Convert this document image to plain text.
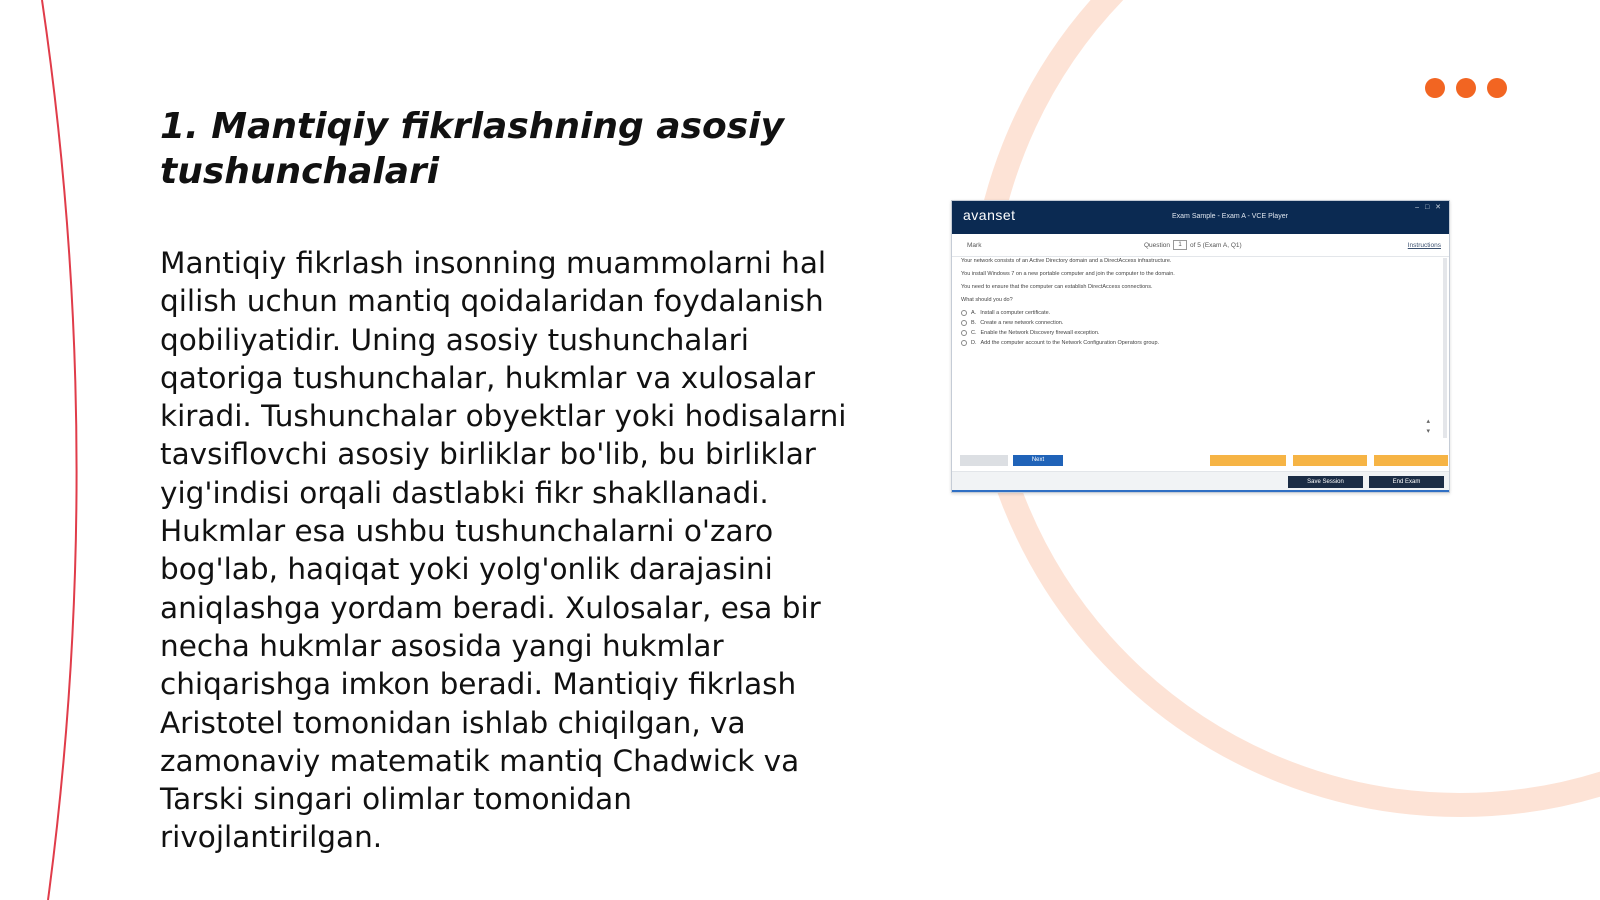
1. Mantiqiy fikrlashning asosiy tushunchalari

Mantiqiy fikrlash insonning muammolarni hal qilish uchun mantiq qoidalaridan foydalanish qobiliyatidir. Uning asosiy tushunchalari qatoriga tushunchalar, hukmlar va xulosalar kiradi. Tushunchalar obyektlar yoki hodisalarni tavsiflovchi asosiy birliklar bo'lib, bu birliklar yig'indisi orqali dastlabki fikr shakllanadi. Hukmlar esa ushbu tushunchalarni o'zaro bog'lab, haqiqat yoki yolg'onlik darajasini aniqlashga yordam beradi. Xulosalar, esa bir necha hukmlar asosida yangi hukmlar chiqarishga imkon beradi. Mantiqiy fikrlash Aristotel tomonidan ishlab chiqilgan, va zamonaviy matematik mantiq Chadwick va Tarski singari olimlar tomonidan rivojlantirilgan.

avanset	Exam Sample - Exam A - VCE Player
– □ ✕
Mark	Question	1	of 5 (Exam A, Q1)	Instructions

Your network consists of an Active Directory domain and a DirectAccess infrastructure.

You install Windows 7 on a new portable computer and join the computer to the domain.

You need to ensure that the computer can establish DirectAccess connections.

What should you do?

A. Install a computer certificate.
B. Create a new network connection.
C. Enable the Network Discovery firewall exception.
D. Add the computer account to the Network Configuration Operators group.
▴
▾
Next
Save Session	End Exam
